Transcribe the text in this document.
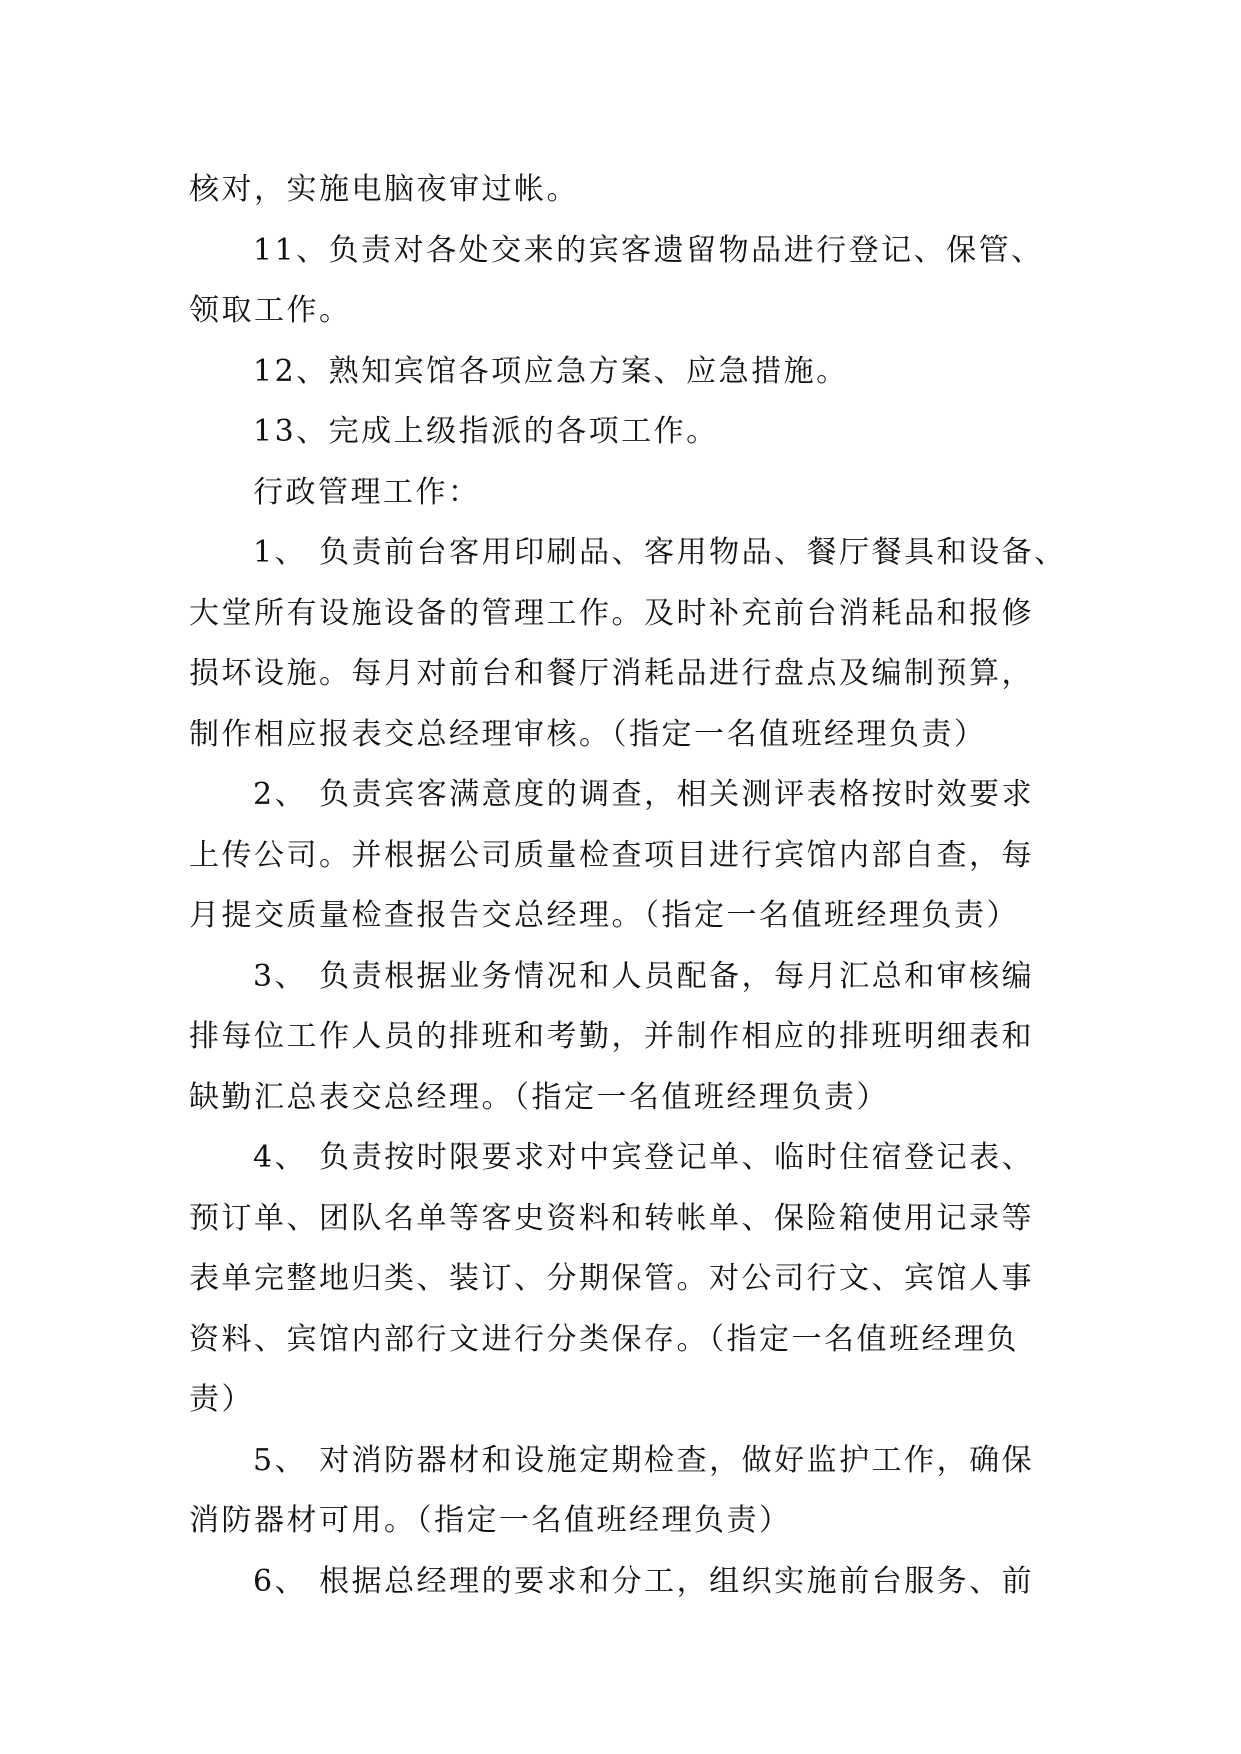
核对，实施电脑夜审过帐。
11、负责对各处交来的宾客遗留物品进行登记、保管、
领取工作。
12、熟知宾馆各项应急方案、应急措施。
13、完成上级指派的各项工作。
行政管理工作：
1、 负责前台客用印刷品、客用物品、餐厅餐具和设备、
大堂所有设施设备的管理工作。及时补充前台消耗品和报修
损坏设施。每月对前台和餐厅消耗品进行盘点及编制预算，
制作相应报表交总经理审核。（指定一名值班经理负责）
2、 负责宾客满意度的调查，相关测评表格按时效要求
上传公司。并根据公司质量检查项目进行宾馆内部自查，每
月提交质量检查报告交总经理。（指定一名值班经理负责）
3、 负责根据业务情况和人员配备，每月汇总和审核编
排每位工作人员的排班和考勤，并制作相应的排班明细表和
缺勤汇总表交总经理。（指定一名值班经理负责）
4、 负责按时限要求对中宾登记单、临时住宿登记表、
预订单、团队名单等客史资料和转帐单、保险箱使用记录等
表单完整地归类、装订、分期保管。对公司行文、宾馆人事
资料、宾馆内部行文进行分类保存。（指定一名值班经理负
责）
5、 对消防器材和设施定期检查，做好监护工作，确保
消防器材可用。（指定一名值班经理负责）
6、 根据总经理的要求和分工，组织实施前台服务、前
